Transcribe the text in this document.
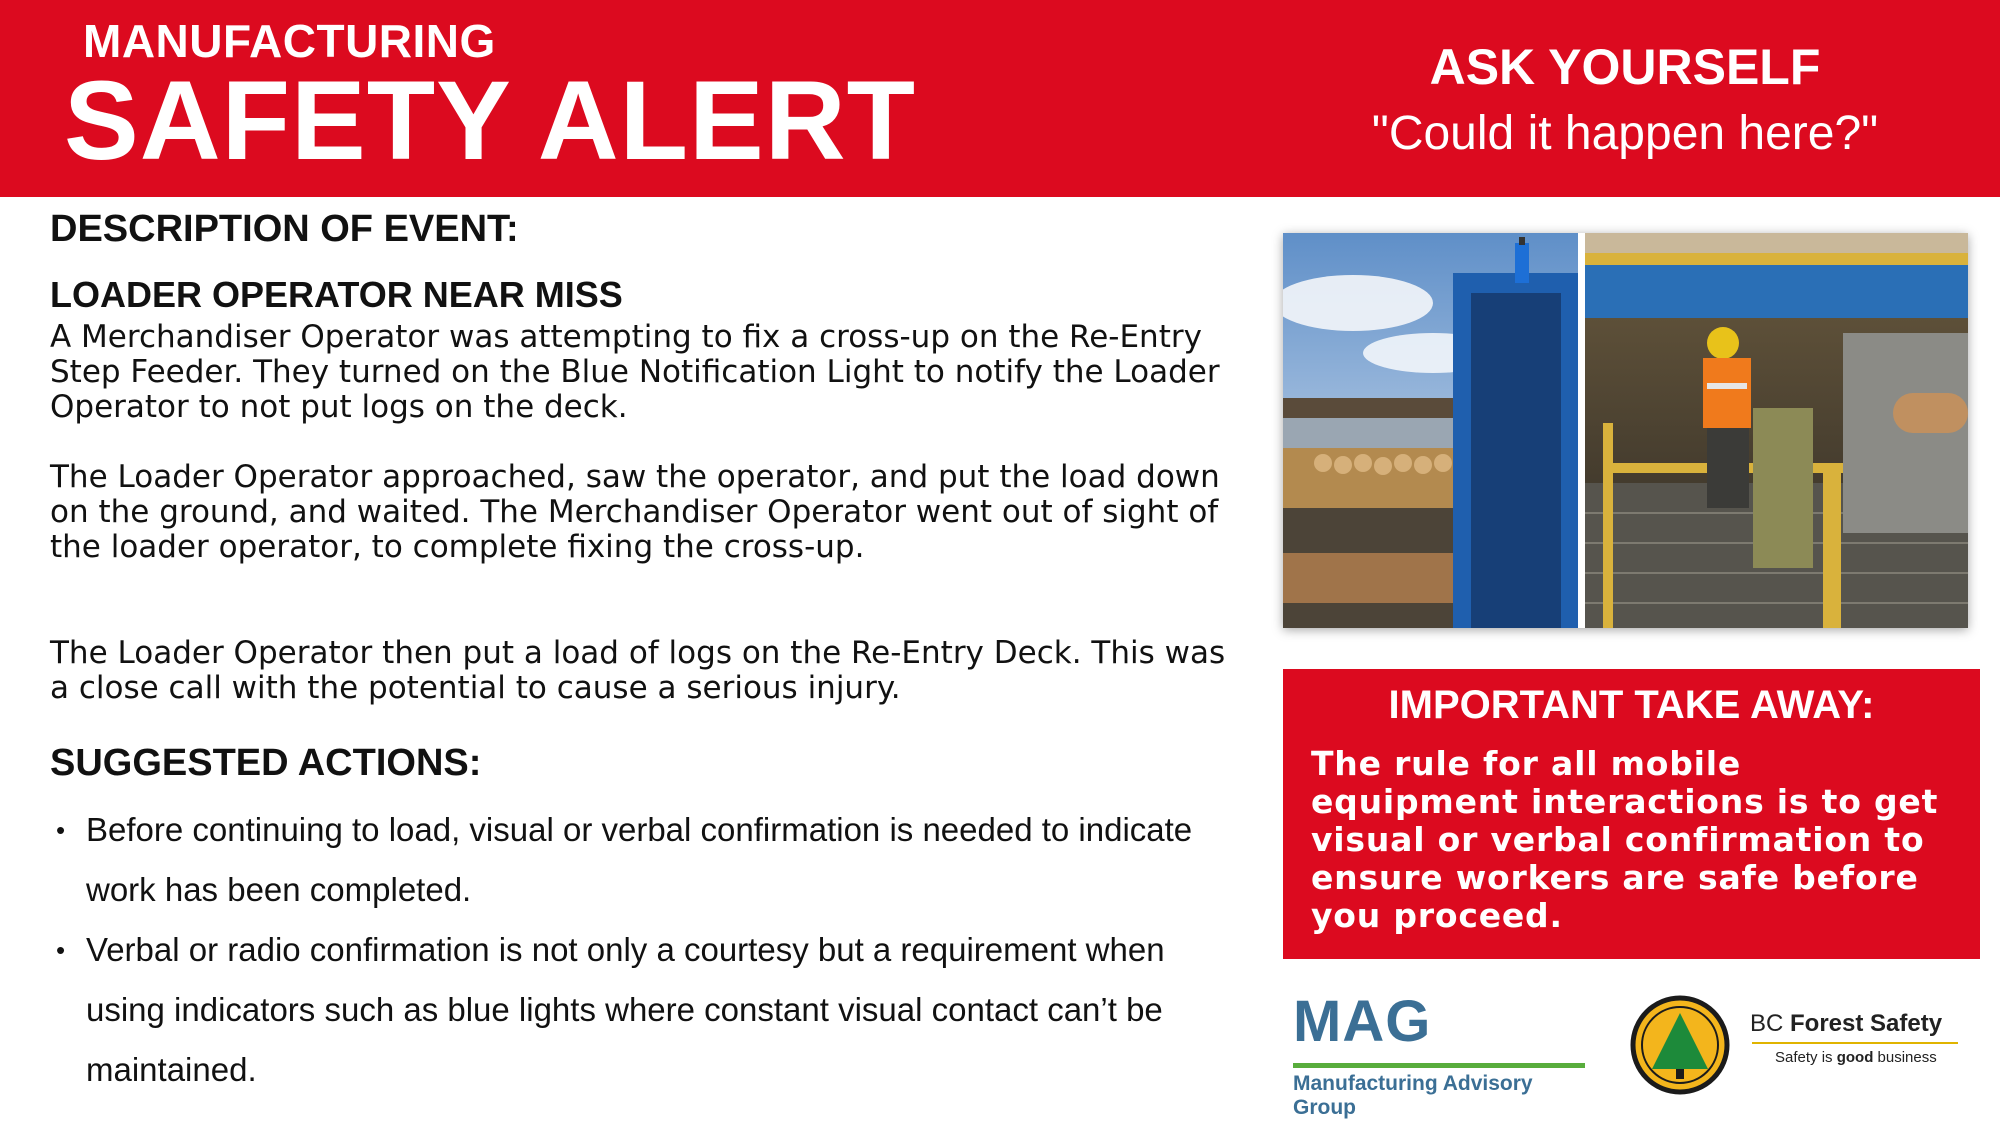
MANUFACTURING
SAFETY ALERT	ASK YOURSELF
"Could it happen here?"
DESCRIPTION OF EVENT:
LOADER OPERATOR NEAR MISS

A Merchandiser Operator was attempting to fix a cross-up on the Re-Entry Step Feeder. They turned on the Blue Notification Light to notify the Loader Operator to not put logs on the deck.

The Loader Operator approached, saw the operator, and put the load down on the ground, and waited. The Merchandiser Operator went out of sight of the loader operator, to complete fixing the cross-up.

The Loader Operator then put a load of logs on the Re-Entry Deck. This was a close call with the potential to cause a serious injury.

SUGGESTED ACTIONS:
• Before continuing to load, visual or verbal confirmation is needed to indicate work has been completed.
• Verbal or radio confirmation is not only a courtesy but a requirement when using indicators such as blue lights where constant visual contact can’t be maintained.
IMPORTANT TAKE AWAY:
The rule for all mobile equipment interactions is to get visual or verbal confirmation to ensure workers are safe before you proceed.
MAG
Manufacturing Advisory Group
BC Forest Safety
Safety is good business
